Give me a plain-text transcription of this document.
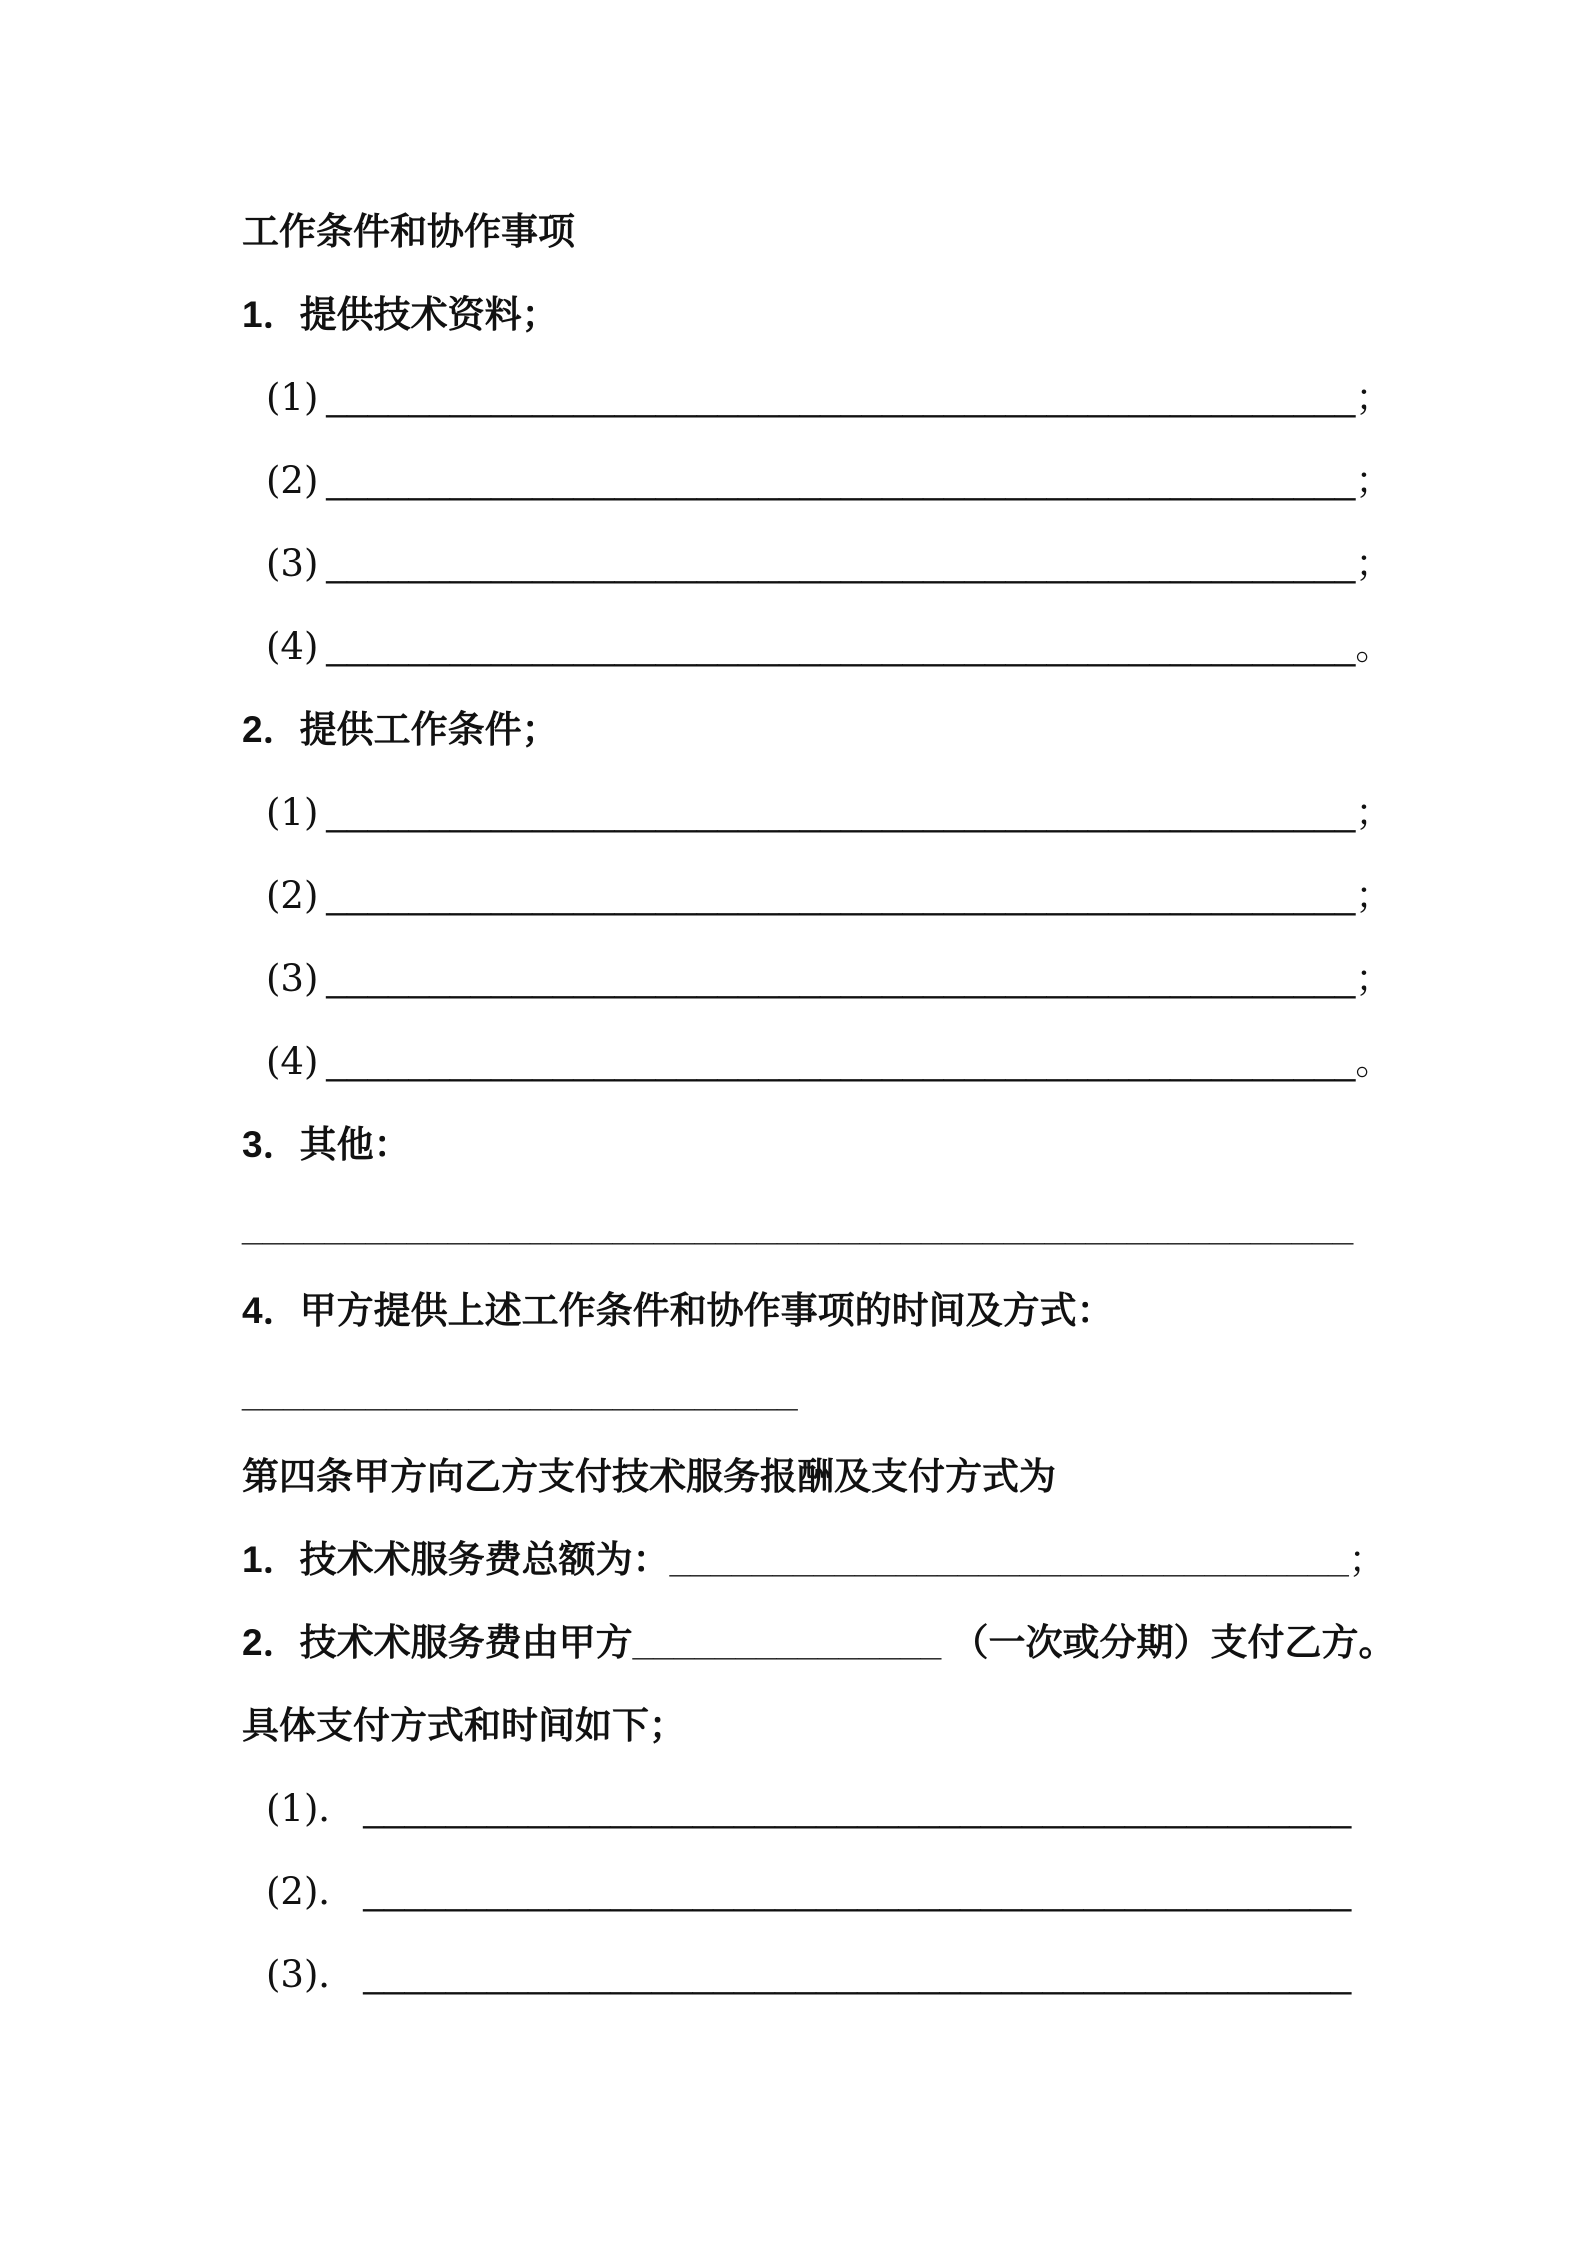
工作条件和协作事项

1．提供技术资料；

(1) __________________________________________________；

(2) __________________________________________________；

(3) __________________________________________________；

(4) __________________________________________________。

2．提供工作条件；

(1) __________________________________________________；

(2) __________________________________________________；

(3) __________________________________________________；

(4) __________________________________________________。

3．其他：

______________________________________________________

4．甲方提供上述工作条件和协作事项的时间及方式：

___________________________

第四条甲方向乙方支付技术服务报酬及支付方式为

1．技术术服务费总额为：_________________________________；

2．技术术服务费由甲方_______________ （一次或分期）支付乙方。

具体支付方式和时间如下；

(1)． ________________________________________________

(2)． ________________________________________________

(3)． ________________________________________________
